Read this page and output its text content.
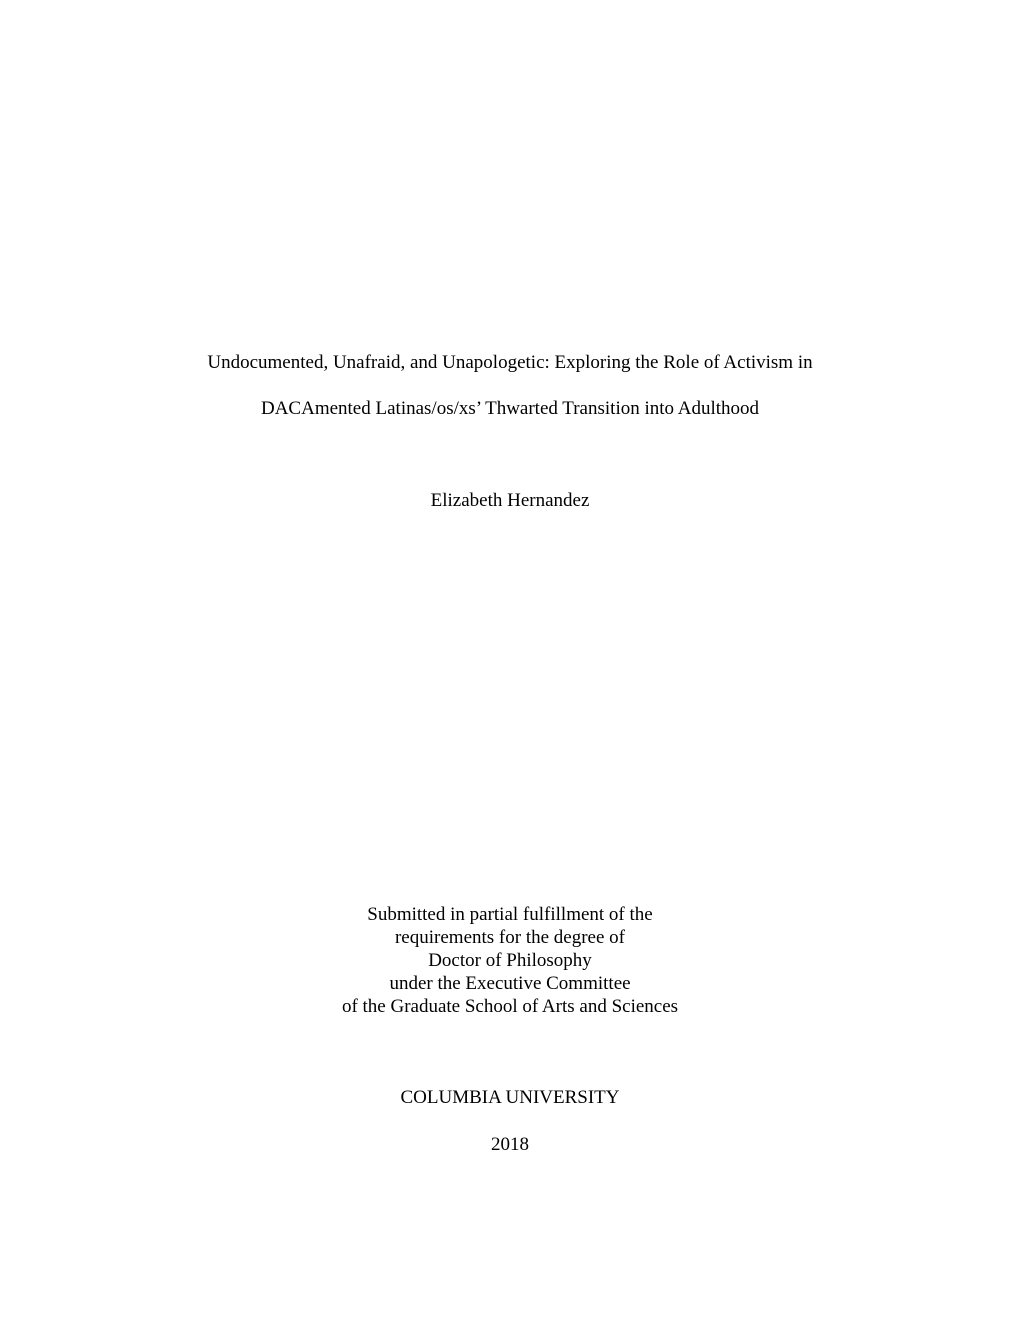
Undocumented, Unafraid, and Unapologetic: Exploring the Role of Activism in
DACAmented Latinas/os/xs’ Thwarted Transition into Adulthood
Elizabeth Hernandez
Submitted in partial fulfillment of the
requirements for the degree of
Doctor of Philosophy
under the Executive Committee
of the Graduate School of Arts and Sciences
COLUMBIA UNIVERSITY
2018
